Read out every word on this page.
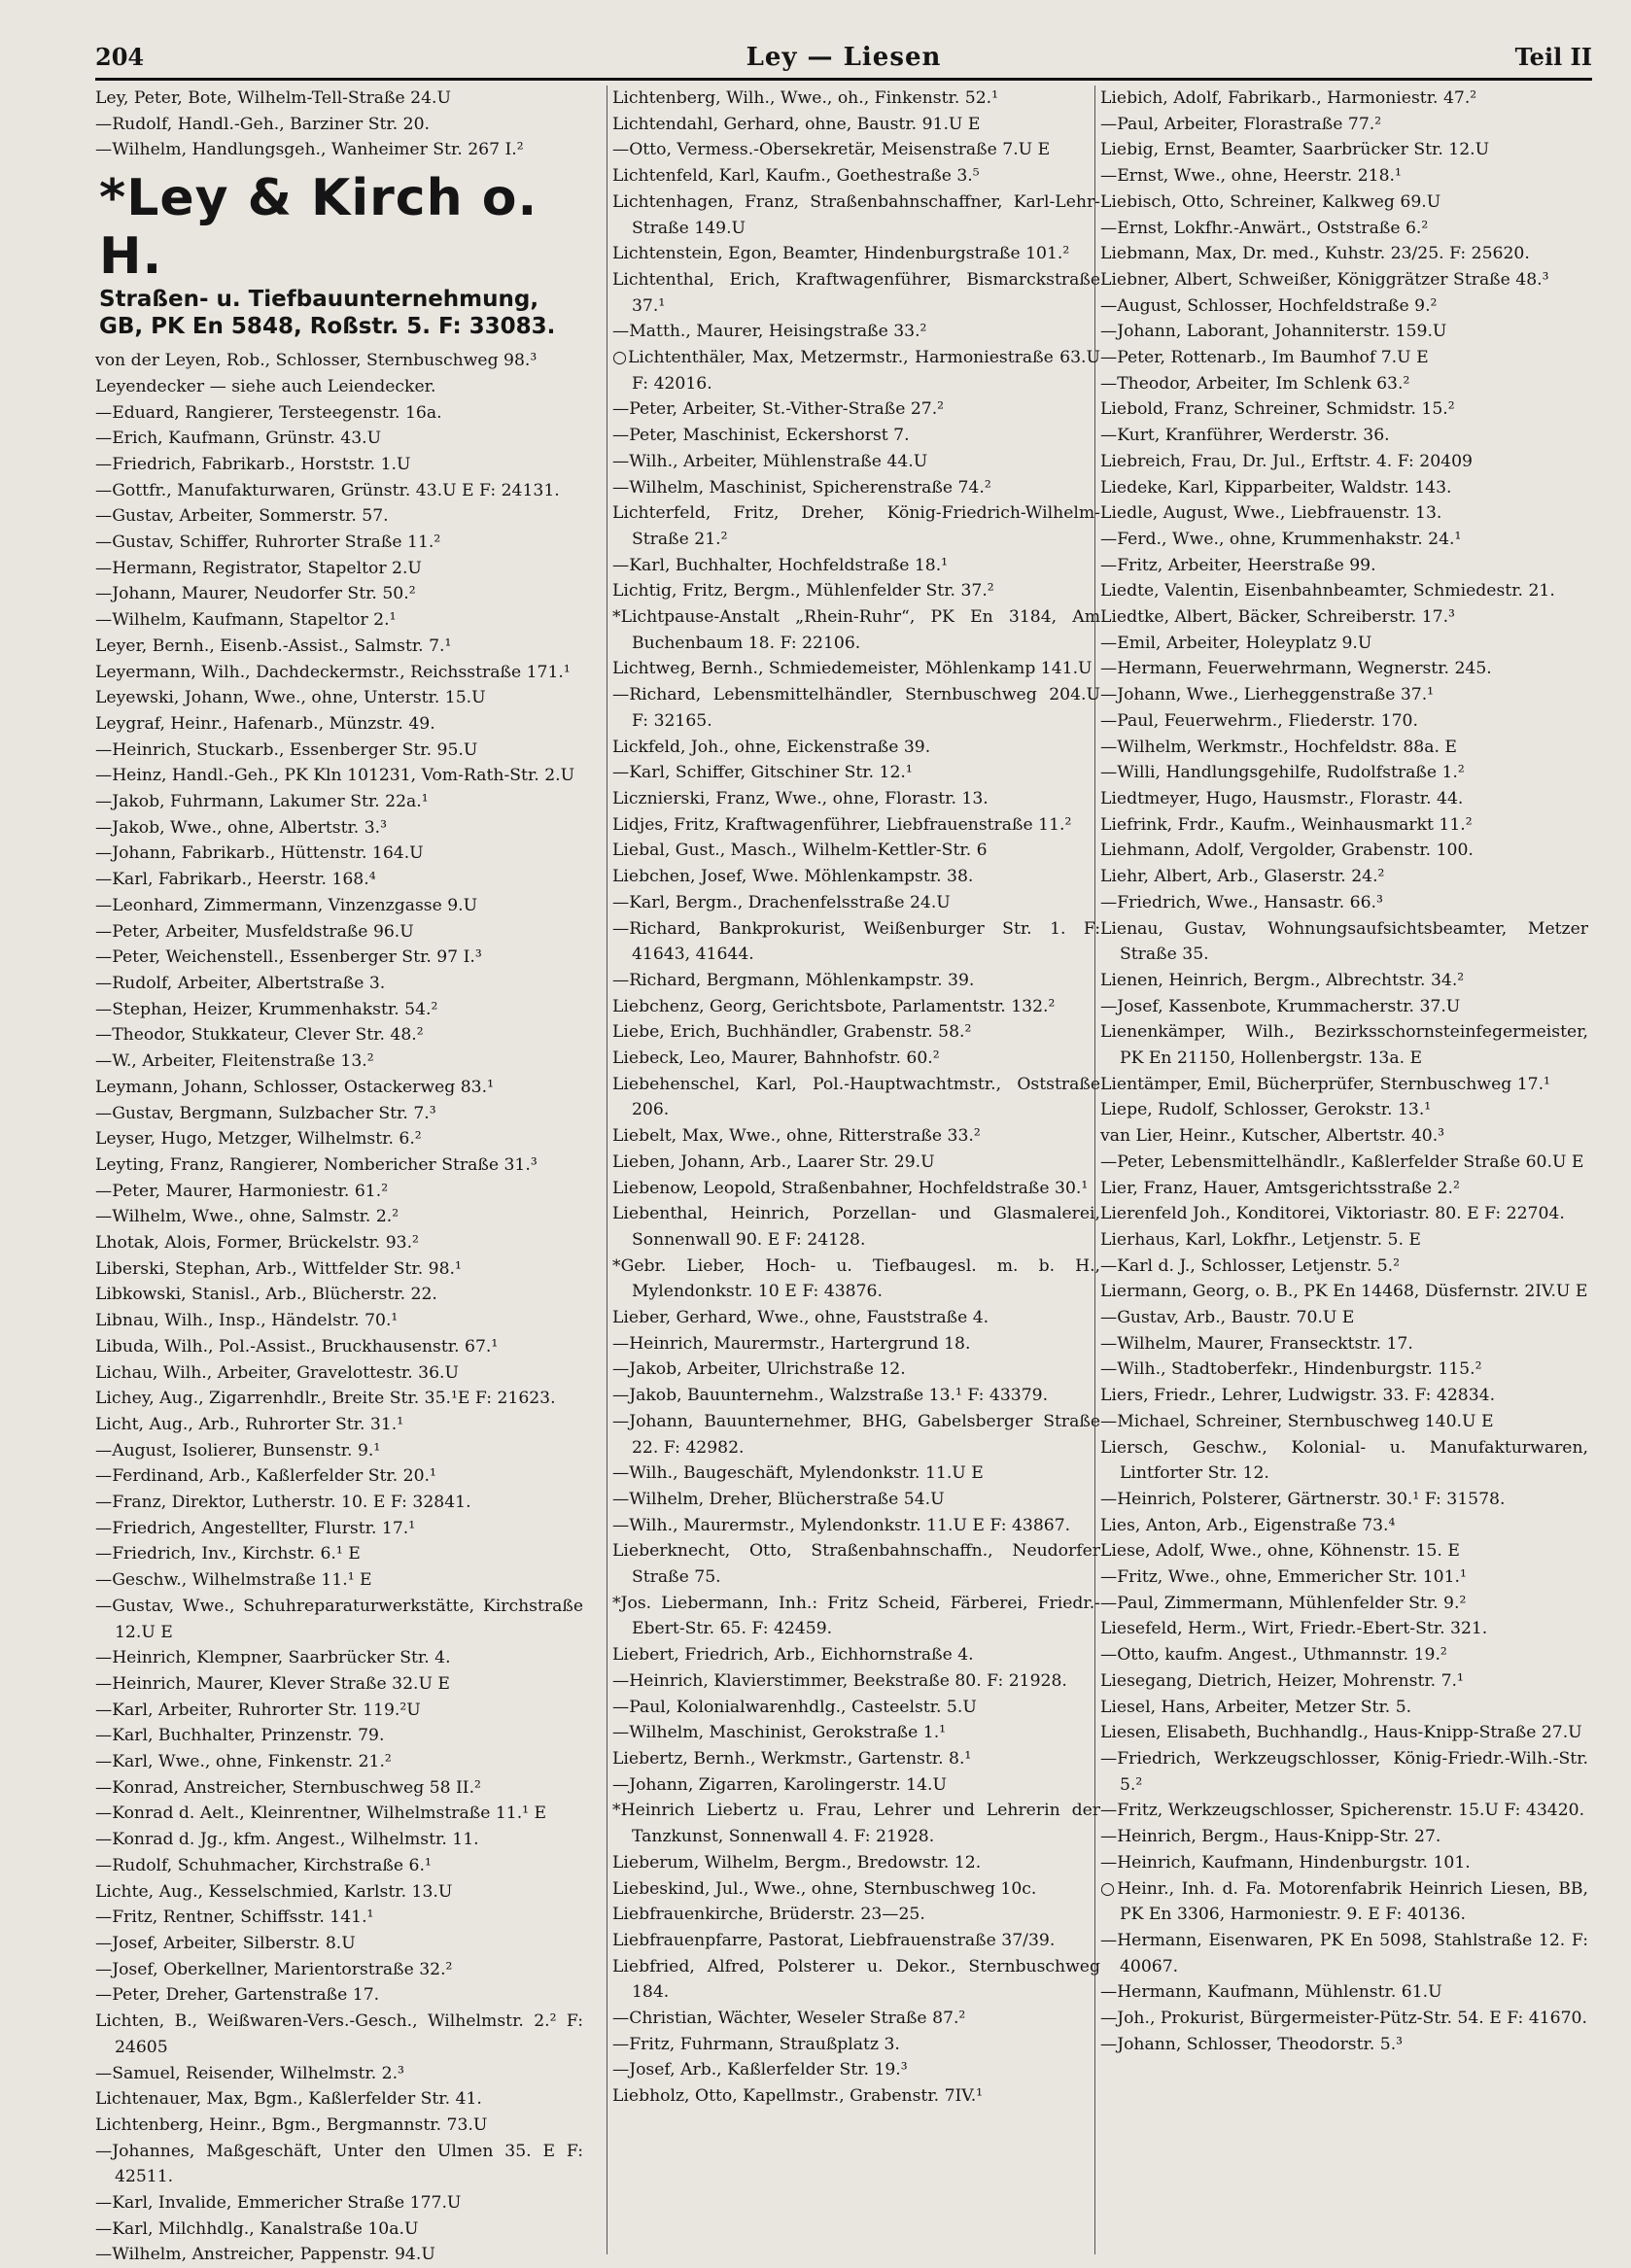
204	Ley — Liesen	Teil II
Ley, Peter, Bote, Wilhelm-Tell-Straße 24.U
—Rudolf, Handl.-Geh., Barziner Str. 20.
—Wilhelm, Handlungsgeh., Wanheimer Str. 267 I.²
*Ley & Kirch o. H.
Straßen- u. Tiefbauunternehmung,
GB, PK En 5848, Roßstr. 5. F: 33083.
von der Leyen, Rob., Schlosser, Sternbuschweg 98.³
Leyendecker — siehe auch Leiendecker.
—Eduard, Rangierer, Tersteegenstr. 16a.
—Erich, Kaufmann, Grünstr. 43.U
—Friedrich, Fabrikarb., Horststr. 1.U
—Gottfr., Manufakturwaren, Grünstr. 43.U E F: 24131.
—Gustav, Arbeiter, Sommerstr. 57.
—Gustav, Schiffer, Ruhrorter Straße 11.²
—Hermann, Registrator, Stapeltor 2.U
—Johann, Maurer, Neudorfer Str. 50.²
—Wilhelm, Kaufmann, Stapeltor 2.¹
Leyer, Bernh., Eisenb.-Assist., Salmstr. 7.¹
Leyermann, Wilh., Dachdeckermstr., Reichsstraße 171.¹
Leyewski, Johann, Wwe., ohne, Unterstr. 15.U
Leygraf, Heinr., Hafenarb., Münzstr. 49.
—Heinrich, Stuckarb., Essenberger Str. 95.U
—Heinz, Handl.-Geh., PK Kln 101231, Vom-Rath-Str. 2.U
—Jakob, Fuhrmann, Lakumer Str. 22a.¹
—Jakob, Wwe., ohne, Albertstr. 3.³
—Johann, Fabrikarb., Hüttenstr. 164.U
—Karl, Fabrikarb., Heerstr. 168.⁴
—Leonhard, Zimmermann, Vinzenzgasse 9.U
—Peter, Arbeiter, Musfeldstraße 96.U
—Peter, Weichenstell., Essenberger Str. 97 I.³
—Rudolf, Arbeiter, Albertstraße 3.
—Stephan, Heizer, Krummenhakstr. 54.²
—Theodor, Stukkateur, Clever Str. 48.²
—W., Arbeiter, Fleitenstraße 13.²
Leymann, Johann, Schlosser, Ostackerweg 83.¹
—Gustav, Bergmann, Sulzbacher Str. 7.³
Leyser, Hugo, Metzger, Wilhelmstr. 6.²
Leyting, Franz, Rangierer, Nombericher Straße 31.³
—Peter, Maurer, Harmoniestr. 61.²
—Wilhelm, Wwe., ohne, Salmstr. 2.²
Lhotak, Alois, Former, Brückelstr. 93.²
Liberski, Stephan, Arb., Wittfelder Str. 98.¹
Libkowski, Stanisl., Arb., Blücherstr. 22.
Libnau, Wilh., Insp., Händelstr. 70.¹
Libuda, Wilh., Pol.-Assist., Bruckhausenstr. 67.¹
Lichau, Wilh., Arbeiter, Gravelottestr. 36.U
Lichey, Aug., Zigarrenhdlr., Breite Str. 35.¹E F: 21623.
Licht, Aug., Arb., Ruhrorter Str. 31.¹
—August, Isolierer, Bunsenstr. 9.¹
—Ferdinand, Arb., Kaßlerfelder Str. 20.¹
—Franz, Direktor, Lutherstr. 10. E F: 32841.
—Friedrich, Angestellter, Flurstr. 17.¹
—Friedrich, Inv., Kirchstr. 6.¹ E
—Geschw., Wilhelmstraße 11.¹ E
—Gustav, Wwe., Schuhreparaturwerkstätte, Kirchstraße 12.U E
—Heinrich, Klempner, Saarbrücker Str. 4.
—Heinrich, Maurer, Klever Straße 32.U E
—Karl, Arbeiter, Ruhrorter Str. 119.²U
—Karl, Buchhalter, Prinzenstr. 79.
—Karl, Wwe., ohne, Finkenstr. 21.²
—Konrad, Anstreicher, Sternbuschweg 58 II.²
—Konrad d. Aelt., Kleinrentner, Wilhelmstraße 11.¹ E
—Konrad d. Jg., kfm. Angest., Wilhelmstr. 11.
—Rudolf, Schuhmacher, Kirchstraße 6.¹
Lichte, Aug., Kesselschmied, Karlstr. 13.U
—Fritz, Rentner, Schiffsstr. 141.¹
—Josef, Arbeiter, Silberstr. 8.U
—Josef, Oberkellner, Marientorstraße 32.²
—Peter, Dreher, Gartenstraße 17.
Lichten, B., Weißwaren-Vers.-Gesch., Wilhelmstr. 2.² F: 24605
—Samuel, Reisender, Wilhelmstr. 2.³
Lichtenauer, Max, Bgm., Kaßlerfelder Str. 41.
Lichtenberg, Heinr., Bgm., Bergmannstr. 73.U
—Johannes, Maßgeschäft, Unter den Ulmen 35. E F: 42511.
—Karl, Invalide, Emmericher Straße 177.U
—Karl, Milchhdlg., Kanalstraße 10a.U
—Wilhelm, Anstreicher, Pappenstr. 94.U
Lichtenberg, Wilh., Wwe., oh., Finkenstr. 52.¹
Lichtendahl, Gerhard, ohne, Baustr. 91.U E
—Otto, Vermess.-Obersekretär, Meisenstraße 7.U E
Lichtenfeld, Karl, Kaufm., Goethestraße 3.⁵
Lichtenhagen, Franz, Straßenbahnschaffner, Karl-Lehr-Straße 149.U
Lichtenstein, Egon, Beamter, Hindenburgstraße 101.²
Lichtenthal, Erich, Kraftwagenführer, Bismarckstraße 37.¹
—Matth., Maurer, Heisingstraße 33.²
○Lichtenthäler, Max, Metzermstr., Harmoniestraße 63.U F: 42016.
—Peter, Arbeiter, St.-Vither-Straße 27.²
—Peter, Maschinist, Eckershorst 7.
—Wilh., Arbeiter, Mühlenstraße 44.U
—Wilhelm, Maschinist, Spicherenstraße 74.²
Lichterfeld, Fritz, Dreher, König-Friedrich-Wilhelm-Straße 21.²
—Karl, Buchhalter, Hochfeldstraße 18.¹
Lichtig, Fritz, Bergm., Mühlenfelder Str. 37.²
*Lichtpause-Anstalt „Rhein-Ruhr“, PK En 3184, Am Buchenbaum 18. F: 22106.
Lichtweg, Bernh., Schmiedemeister, Möhlenkamp 141.U
—Richard, Lebensmittelhändler, Sternbuschweg 204.U F: 32165.
Lickfeld, Joh., ohne, Eickenstraße 39.
—Karl, Schiffer, Gitschiner Str. 12.¹
Licznierski, Franz, Wwe., ohne, Florastr. 13.
Lidjes, Fritz, Kraftwagenführer, Liebfrauenstraße 11.²
Liebal, Gust., Masch., Wilhelm-Kettler-Str. 6
Liebchen, Josef, Wwe. Möhlenkampstr. 38.
—Karl, Bergm., Drachenfelsstraße 24.U
—Richard, Bankprokurist, Weißenburger Str. 1. F: 41643, 41644.
—Richard, Bergmann, Möhlenkampstr. 39.
Liebchenz, Georg, Gerichtsbote, Parlamentstr. 132.²
Liebe, Erich, Buchhändler, Grabenstr. 58.²
Liebeck, Leo, Maurer, Bahnhofstr. 60.²
Liebehenschel, Karl, Pol.-Hauptwachtmstr., Oststraße 206.
Liebelt, Max, Wwe., ohne, Ritterstraße 33.²
Lieben, Johann, Arb., Laarer Str. 29.U
Liebenow, Leopold, Straßenbahner, Hochfeldstraße 30.¹
Liebenthal, Heinrich, Porzellan- und Glasmalerei, Sonnenwall 90. E F: 24128.
*Gebr. Lieber, Hoch- u. Tiefbaugesl. m. b. H., Mylendonkstr. 10 E F: 43876.
Lieber, Gerhard, Wwe., ohne, Fauststraße 4.
—Heinrich, Maurermstr., Hartergrund 18.
—Jakob, Arbeiter, Ulrichstraße 12.
—Jakob, Bauunternehm., Walzstraße 13.¹ F: 43379.
—Johann, Bauunternehmer, BHG, Gabelsberger Straße 22. F: 42982.
—Wilh., Baugeschäft, Mylendonkstr. 11.U E
—Wilhelm, Dreher, Blücherstraße 54.U
—Wilh., Maurermstr., Mylendonkstr. 11.U E F: 43867.
Lieberknecht, Otto, Straßenbahnschaffn., Neudorfer Straße 75.
*Jos. Liebermann, Inh.: Fritz Scheid, Färberei, Friedr.-Ebert-Str. 65. F: 42459.
Liebert, Friedrich, Arb., Eichhornstraße 4.
—Heinrich, Klavierstimmer, Beekstraße 80. F: 21928.
—Paul, Kolonialwarenhdlg., Casteelstr. 5.U
—Wilhelm, Maschinist, Gerokstraße 1.¹
Liebertz, Bernh., Werkmstr., Gartenstr. 8.¹
—Johann, Zigarren, Karolingerstr. 14.U
*Heinrich Liebertz u. Frau, Lehrer und Lehrerin der Tanzkunst, Sonnenwall 4. F: 21928.
Lieberum, Wilhelm, Bergm., Bredowstr. 12.
Liebeskind, Jul., Wwe., ohne, Sternbuschweg 10c.
Liebfrauenkirche, Brüderstr. 23—25.
Liebfrauenpfarre, Pastorat, Liebfrauenstraße 37/39.
Liebfried, Alfred, Polsterer u. Dekor., Sternbuschweg 184.
—Christian, Wächter, Weseler Straße 87.²
—Fritz, Fuhrmann, Straußplatz 3.
—Josef, Arb., Kaßlerfelder Str. 19.³
Liebholz, Otto, Kapellmstr., Grabenstr. 7IV.¹
Liebich, Adolf, Fabrikarb., Harmoniestr. 47.²
—Paul, Arbeiter, Florastraße 77.²
Liebig, Ernst, Beamter, Saarbrücker Str. 12.U
—Ernst, Wwe., ohne, Heerstr. 218.¹
Liebisch, Otto, Schreiner, Kalkweg 69.U
—Ernst, Lokfhr.-Anwärt., Oststraße 6.²
Liebmann, Max, Dr. med., Kuhstr. 23/25. F: 25620.
Liebner, Albert, Schweißer, Königgrätzer Straße 48.³
—August, Schlosser, Hochfeldstraße 9.²
—Johann, Laborant, Johanniterstr. 159.U
—Peter, Rottenarb., Im Baumhof 7.U E
—Theodor, Arbeiter, Im Schlenk 63.²
Liebold, Franz, Schreiner, Schmidstr. 15.²
—Kurt, Kranführer, Werderstr. 36.
Liebreich, Frau, Dr. Jul., Erftstr. 4. F: 20409
Liedeke, Karl, Kipparbeiter, Waldstr. 143.
Liedle, August, Wwe., Liebfrauenstr. 13.
—Ferd., Wwe., ohne, Krummenhakstr. 24.¹
—Fritz, Arbeiter, Heerstraße 99.
Liedte, Valentin, Eisenbahnbeamter, Schmiedestr. 21.
Liedtke, Albert, Bäcker, Schreiberstr. 17.³
—Emil, Arbeiter, Holeyplatz 9.U
—Hermann, Feuerwehrmann, Wegnerstr. 245.
—Johann, Wwe., Lierheggenstraße 37.¹
—Paul, Feuerwehrm., Fliederstr. 170.
—Wilhelm, Werkmstr., Hochfeldstr. 88a. E
—Willi, Handlungsgehilfe, Rudolfstraße 1.²
Liedtmeyer, Hugo, Hausmstr., Florastr. 44.
Liefrink, Frdr., Kaufm., Weinhausmarkt 11.²
Liehmann, Adolf, Vergolder, Grabenstr. 100.
Liehr, Albert, Arb., Glaserstr. 24.²
—Friedrich, Wwe., Hansastr. 66.³
Lienau, Gustav, Wohnungsaufsichtsbeamter, Metzer Straße 35.
Lienen, Heinrich, Bergm., Albrechtstr. 34.²
—Josef, Kassenbote, Krummacherstr. 37.U
Lienenkämper, Wilh., Bezirksschornsteinfegermeister, PK En 21150, Hollenbergstr. 13a. E
Lientämper, Emil, Bücherprüfer, Sternbuschweg 17.¹
Liepe, Rudolf, Schlosser, Gerokstr. 13.¹
van Lier, Heinr., Kutscher, Albertstr. 40.³
—Peter, Lebensmittelhändlr., Kaßlerfelder Straße 60.U E
Lier, Franz, Hauer, Amtsgerichtsstraße 2.²
Lierenfeld Joh., Konditorei, Viktoriastr. 80. E F: 22704.
Lierhaus, Karl, Lokfhr., Letjenstr. 5. E
—Karl d. J., Schlosser, Letjenstr. 5.²
Liermann, Georg, o. B., PK En 14468, Düsfernstr. 2IV.U E
—Gustav, Arb., Baustr. 70.U E
—Wilhelm, Maurer, Fransecktstr. 17.
—Wilh., Stadtoberfekr., Hindenburgstr. 115.²
Liers, Friedr., Lehrer, Ludwigstr. 33. F: 42834.
—Michael, Schreiner, Sternbuschweg 140.U E
Liersch, Geschw., Kolonial- u. Manufakturwaren, Lintforter Str. 12.
—Heinrich, Polsterer, Gärtnerstr. 30.¹ F: 31578.
Lies, Anton, Arb., Eigenstraße 73.⁴
Liese, Adolf, Wwe., ohne, Köhnenstr. 15. E
—Fritz, Wwe., ohne, Emmericher Str. 101.¹
—Paul, Zimmermann, Mühlenfelder Str. 9.²
Liesefeld, Herm., Wirt, Friedr.-Ebert-Str. 321.
—Otto, kaufm. Angest., Uthmannstr. 19.²
Liesegang, Dietrich, Heizer, Mohrenstr. 7.¹
Liesel, Hans, Arbeiter, Metzer Str. 5.
Liesen, Elisabeth, Buchhandlg., Haus-Knipp-Straße 27.U
—Friedrich, Werkzeugschlosser, König-Friedr.-Wilh.-Str. 5.²
—Fritz, Werkzeugschlosser, Spicherenstr. 15.U F: 43420.
—Heinrich, Bergm., Haus-Knipp-Str. 27.
—Heinrich, Kaufmann, Hindenburgstr. 101.
○Heinr., Inh. d. Fa. Motorenfabrik Heinrich Liesen, BB, PK En 3306, Harmoniestr. 9. E F: 40136.
—Hermann, Eisenwaren, PK En 5098, Stahlstraße 12. F: 40067.
—Hermann, Kaufmann, Mühlenstr. 61.U
—Joh., Prokurist, Bürgermeister-Pütz-Str. 54. E F: 41670.
—Johann, Schlosser, Theodorstr. 5.³
